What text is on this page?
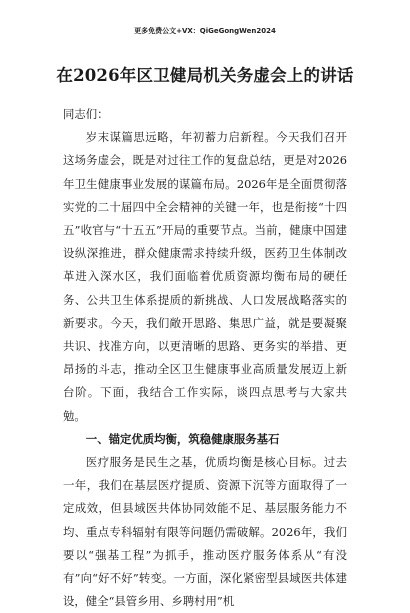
更多免费公文+VX：QiGeGongWen2024
在2026年区卫健局机关务虚会上的讲话

同志们：

岁末谋篇思远略，年初蓄力启新程。今天我们召开这场务虚会，既是对过往工作的复盘总结，更是对2026年卫生健康事业发展的谋篇布局。2026年是全面贯彻落实党的二十届四中全会精神的关键一年，也是衔接“十四五”收官与“十五五”开局的重要节点。当前，健康中国建设纵深推进，群众健康需求持续升级，医药卫生体制改革进入深水区，我们面临着优质资源均衡布局的硬任务、公共卫生体系提质的新挑战、人口发展战略落实的新要求。今天，我们敞开思路、集思广益，就是要凝聚共识、找准方向，以更清晰的思路、更务实的举措、更昂扬的斗志，推动全区卫生健康事业高质量发展迈上新台阶。下面，我结合工作实际，谈四点思考与大家共勉。

一、锚定优质均衡，筑稳健康服务基石

医疗服务是民生之基，优质均衡是核心目标。过去一年，我们在基层医疗提质、资源下沉等方面取得了一定成效，但县域医共体协同效能不足、基层服务能力不均、重点专科辐射有限等问题仍需破解。2026年，我们要以“强基工程”为抓手，推动医疗服务体系从“有没有”向“好不好”转变。一方面，深化紧密型县域医共体建设，健全“县管乡用、乡聘村用”机
